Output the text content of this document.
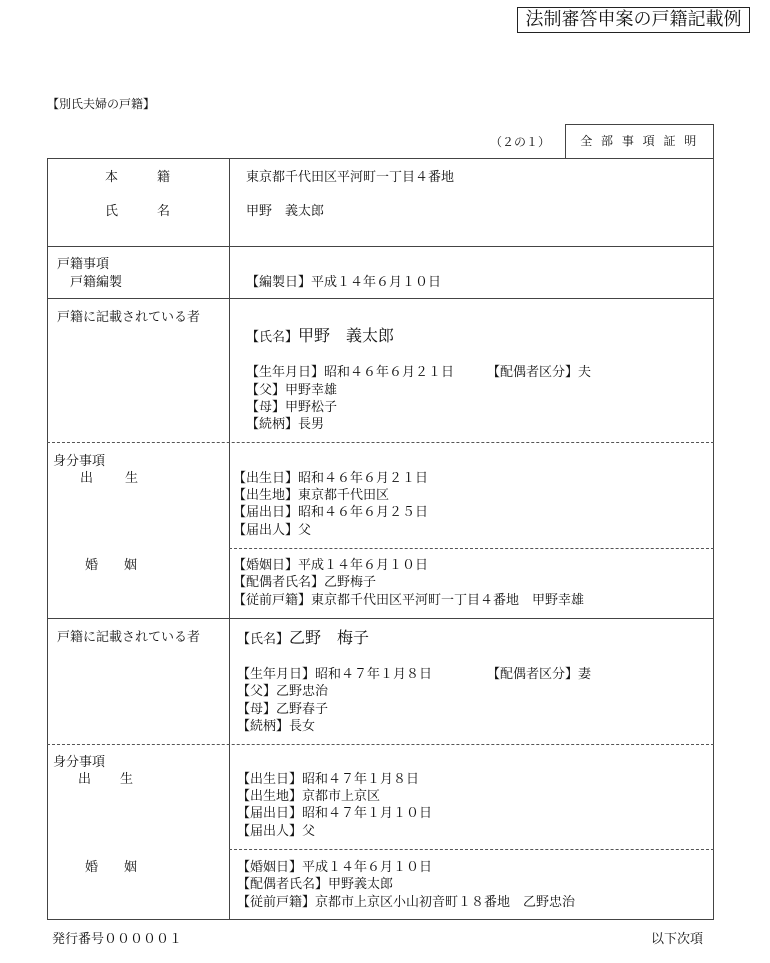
法制審答申案の戸籍記載例
【別氏夫婦の戸籍】
（２の１）	全 部 事 項 証 明
本　　　籍	東京都千代田区平河町一丁目４番地
氏　　　名	甲野　義太郎
戸籍事項
戸籍編製	【編製日】平成１４年６月１０日
戸籍に記載されている者
【氏名】甲野　義太郎
【生年月日】昭和４６年６月２１日	【配偶者区分】夫
【父】甲野幸雄
【母】甲野松子
【続柄】長男
身分事項
出　　生	【出生日】昭和４６年６月２１日
【出生地】東京都千代田区
【届出日】昭和４６年６月２５日
【届出人】父
婚　　姻	【婚姻日】平成１４年６月１０日
【配偶者氏名】乙野梅子
【従前戸籍】東京都千代田区平河町一丁目４番地　甲野幸雄
戸籍に記載されている者	【氏名】乙野　梅子
【生年月日】昭和４７年１月８日	【配偶者区分】妻
【父】乙野忠治
【母】乙野春子
【続柄】長女
身分事項
出　　生	【出生日】昭和４７年１月８日
【出生地】京都市上京区
【届出日】昭和４７年１月１０日
【届出人】父
婚　　姻	【婚姻日】平成１４年６月１０日
【配偶者氏名】甲野義太郎
【従前戸籍】京都市上京区小山初音町１８番地　乙野忠治
発行番号０００００１	以下次項
